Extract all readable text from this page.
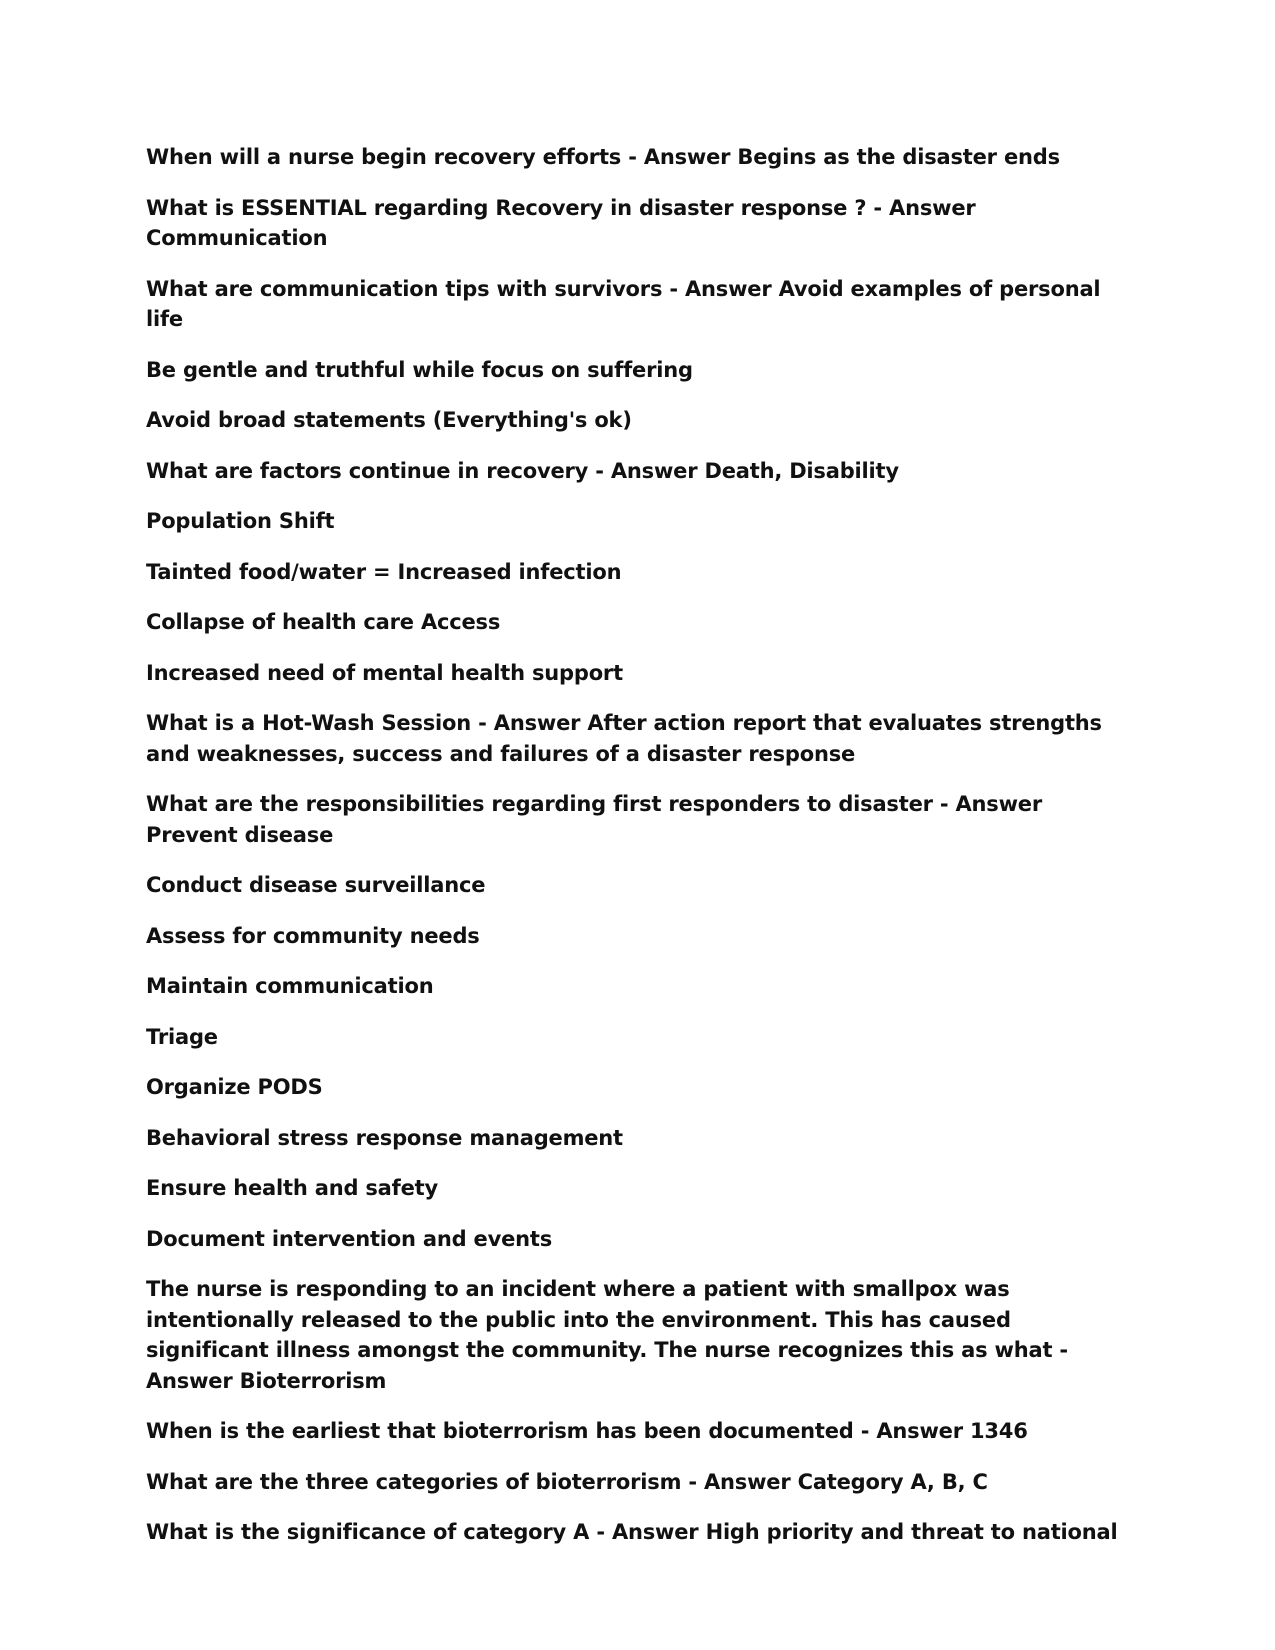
When will a nurse begin recovery efforts - Answer Begins as the disaster ends

What is ESSENTIAL regarding Recovery in disaster response ? - Answer Communication

What are communication tips with survivors - Answer Avoid examples of personal life

Be gentle and truthful while focus on suffering

Avoid broad statements (Everything's ok)

What are factors continue in recovery - Answer Death, Disability

Population Shift

Tainted food/water = Increased infection

Collapse of health care Access

Increased need of mental health support

What is a Hot-Wash Session - Answer After action report that evaluates strengths and weaknesses, success and failures of a disaster response

What are the responsibilities regarding first responders to disaster - Answer Prevent disease

Conduct disease surveillance

Assess for community needs

Maintain communication

Triage

Organize PODS

Behavioral stress response management

Ensure health and safety

Document intervention and events

The nurse is responding to an incident where a patient with smallpox was intentionally released to the public into the environment. This has caused significant illness amongst the community. The nurse recognizes this as what - Answer Bioterrorism

When is the earliest that bioterrorism has been documented - Answer 1346

What are the three categories of bioterrorism - Answer Category A, B, C

What is the significance of category A - Answer High priority and threat to national
